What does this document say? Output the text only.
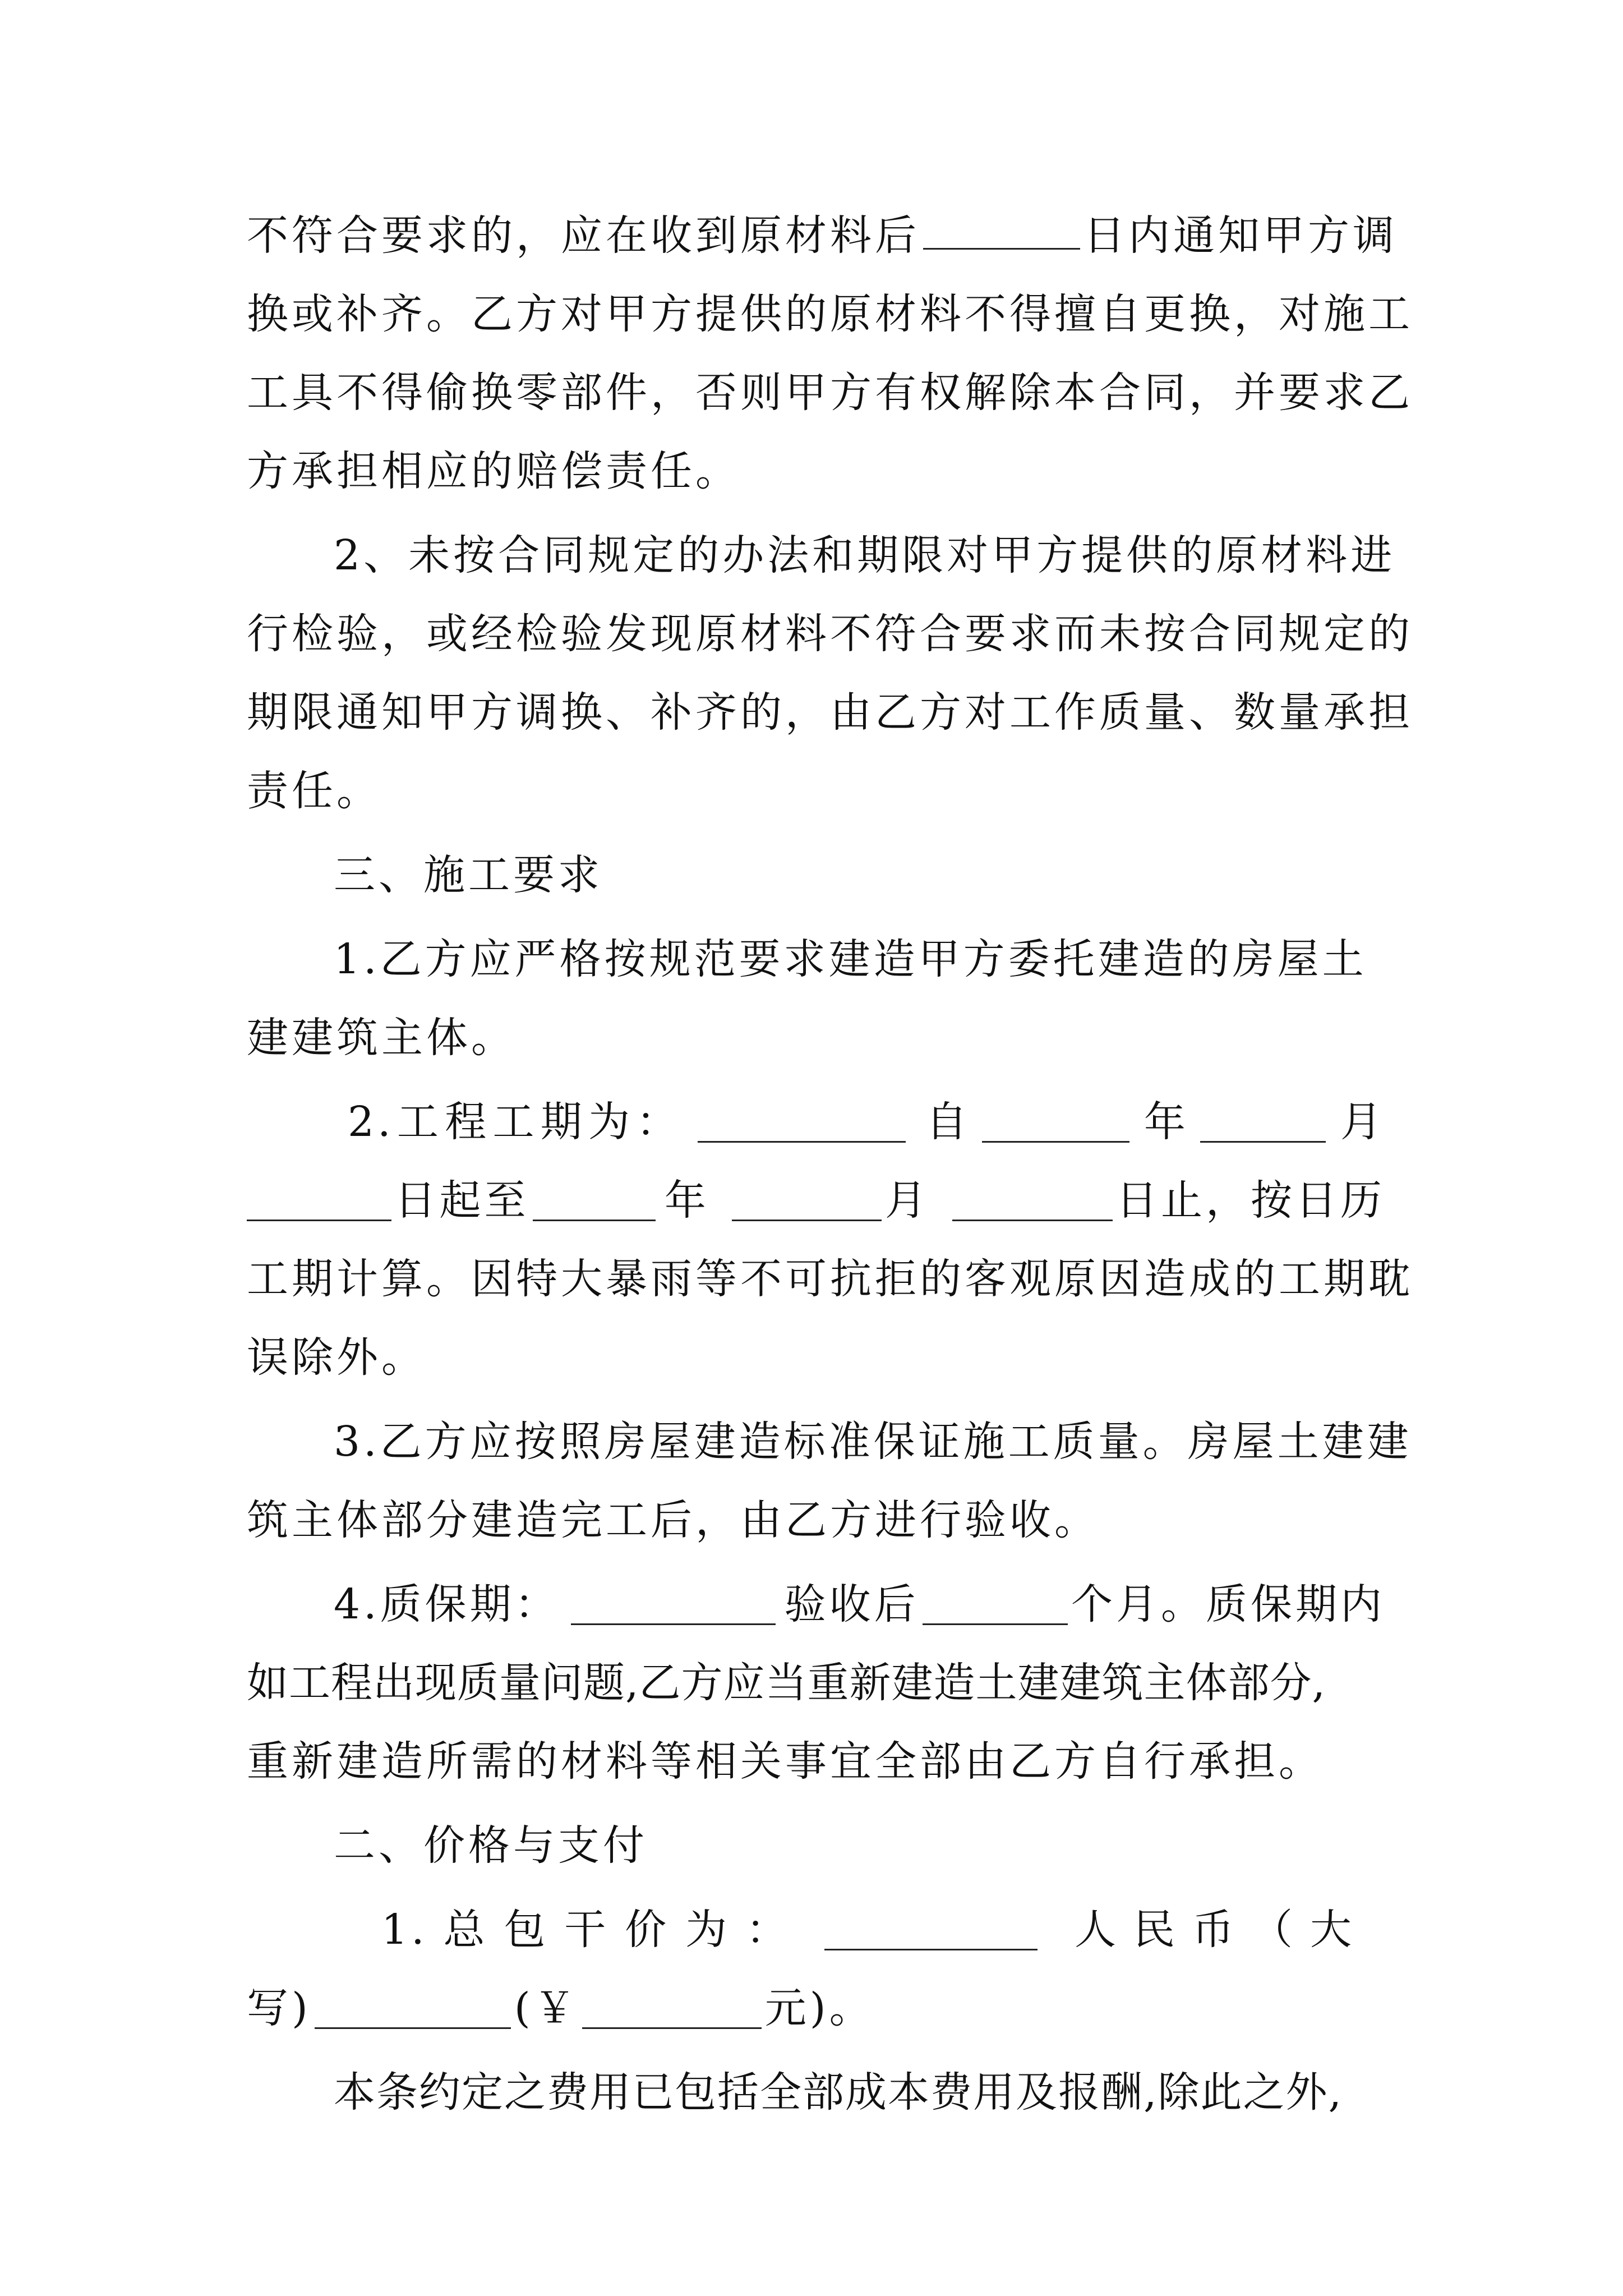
不符合要求的，应在收到原材料后	日内通知甲方调
换或补齐。乙方对甲方提供的原材料不得擅自更换，对施工
工具不得偷换零部件，否则甲方有权解除本合同，并要求乙
方承担相应的赔偿责任。
2、未按合同规定的办法和期限对甲方提供的原材料进
行检验，或经检验发现原材料不符合要求而未按合同规定的
期限通知甲方调换、补齐的，由乙方对工作质量、数量承担
责任。
三、施工要求
1.乙方应严格按规范要求建造甲方委托建造的房屋土
建建筑主体。
2. 工 程 工 期 为 ：	自	年	月
日起至	年	月	日止，按日历
工期计算。因特大暴雨等不可抗拒的客观原因造成的工期耽
误除外。
3.乙方应按照房屋建造标准保证施工质量。房屋土建建
筑主体部分建造完工后，由乙方进行验收。
4.质保期：	验收后	个月。质保期内
如工程出现质量问题,乙方应当重新建造土建建筑主体部分,
重新建造所需的材料等相关事宜全部由乙方自行承担。
二、价格与支付
1. 总 包 干 价 为 ：	人 民 币 （ 大
写)	(￥	元)。
本条约定之费用已包括全部成本费用及报酬,除此之外,
